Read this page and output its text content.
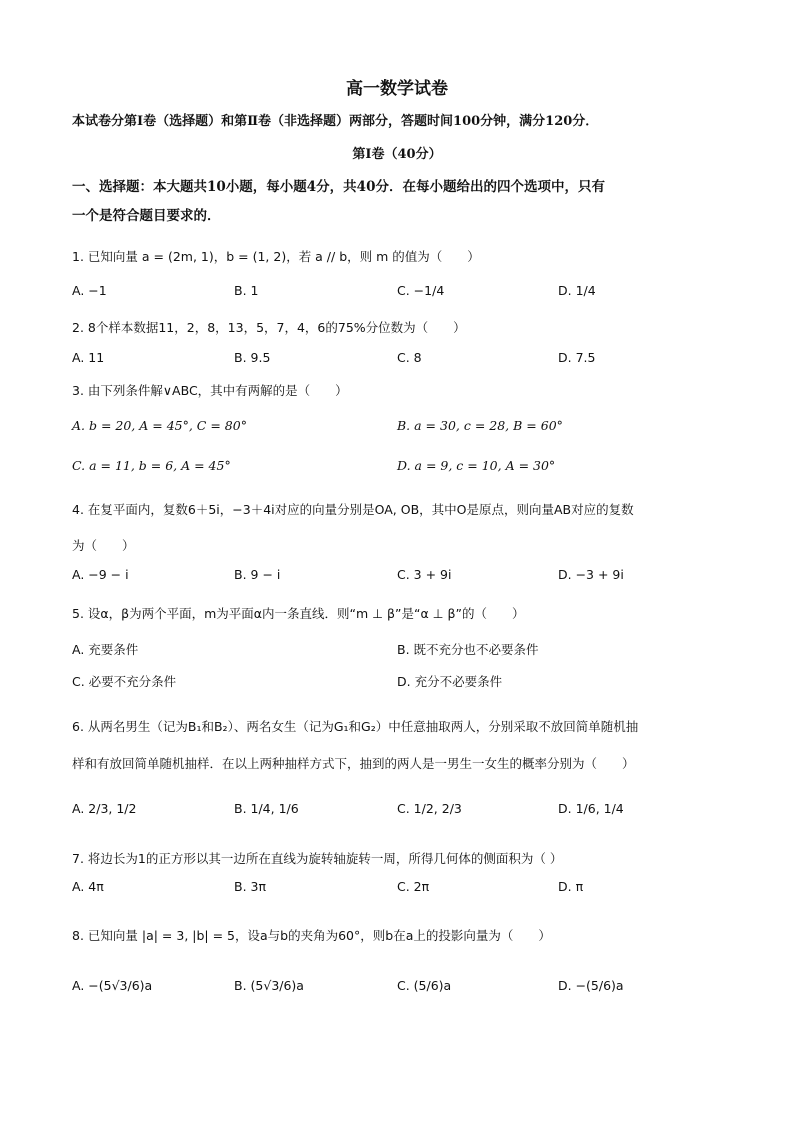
高一数学试卷
本试卷分第Ⅰ卷（选择题）和第Ⅱ卷（非选择题）两部分，答题时间100分钟，满分120分．
第Ⅰ卷（40分）
一、选择题：本大题共10小题，每小题4分，共40分．在每小题给出的四个选项中，只有
一个是符合题目要求的．
1. 已知向量 a = (2m, 1)，b = (1, 2)，若 a // b，则 m 的值为（　　）
A. −1	B. 1	C. −1/4	D. 1/4
2. 8个样本数据11，2，8，13，5，7，4，6的75%分位数为（　　）
A. 11	B. 9.5	C. 8	D. 7.5
3. 由下列条件解∨ABC，其中有两解的是（　　）
A. b = 20, A = 45°, C = 80°	B. a = 30, c = 28, B = 60°
C. a = 11, b = 6, A = 45°	D. a = 9, c = 10, A = 30°
4. 在复平面内，复数6＋5i，−3＋4i对应的向量分别是OA, OB，其中O是原点，则向量AB对应的复数
为（　　）
A. −9 − i	B. 9 − i	C. 3 + 9i	D. −3 + 9i
5. 设α，β为两个平面，m为平面α内一条直线．则“m ⊥ β”是“α ⊥ β”的（　　）
A. 充要条件	B. 既不充分也不必要条件
C. 必要不充分条件	D. 充分不必要条件
6. 从两名男生（记为B₁和B₂）、两名女生（记为G₁和G₂）中任意抽取两人，分别采取不放回简单随机抽
样和有放回简单随机抽样．在以上两种抽样方式下，抽到的两人是一男生一女生的概率分别为（　　）
A. 2/3, 1/2	B. 1/4, 1/6	C. 1/2, 2/3	D. 1/6, 1/4
7. 将边长为1的正方形以其一边所在直线为旋转轴旋转一周，所得几何体的侧面积为（ ）
A. 4π	B. 3π	C. 2π	D. π
8. 已知向量 |a| = 3, |b| = 5，设a与b的夹角为60°，则b在a上的投影向量为（　　）
A. −(5√3/6)a	B. (5√3/6)a	C. (5/6)a	D. −(5/6)a
